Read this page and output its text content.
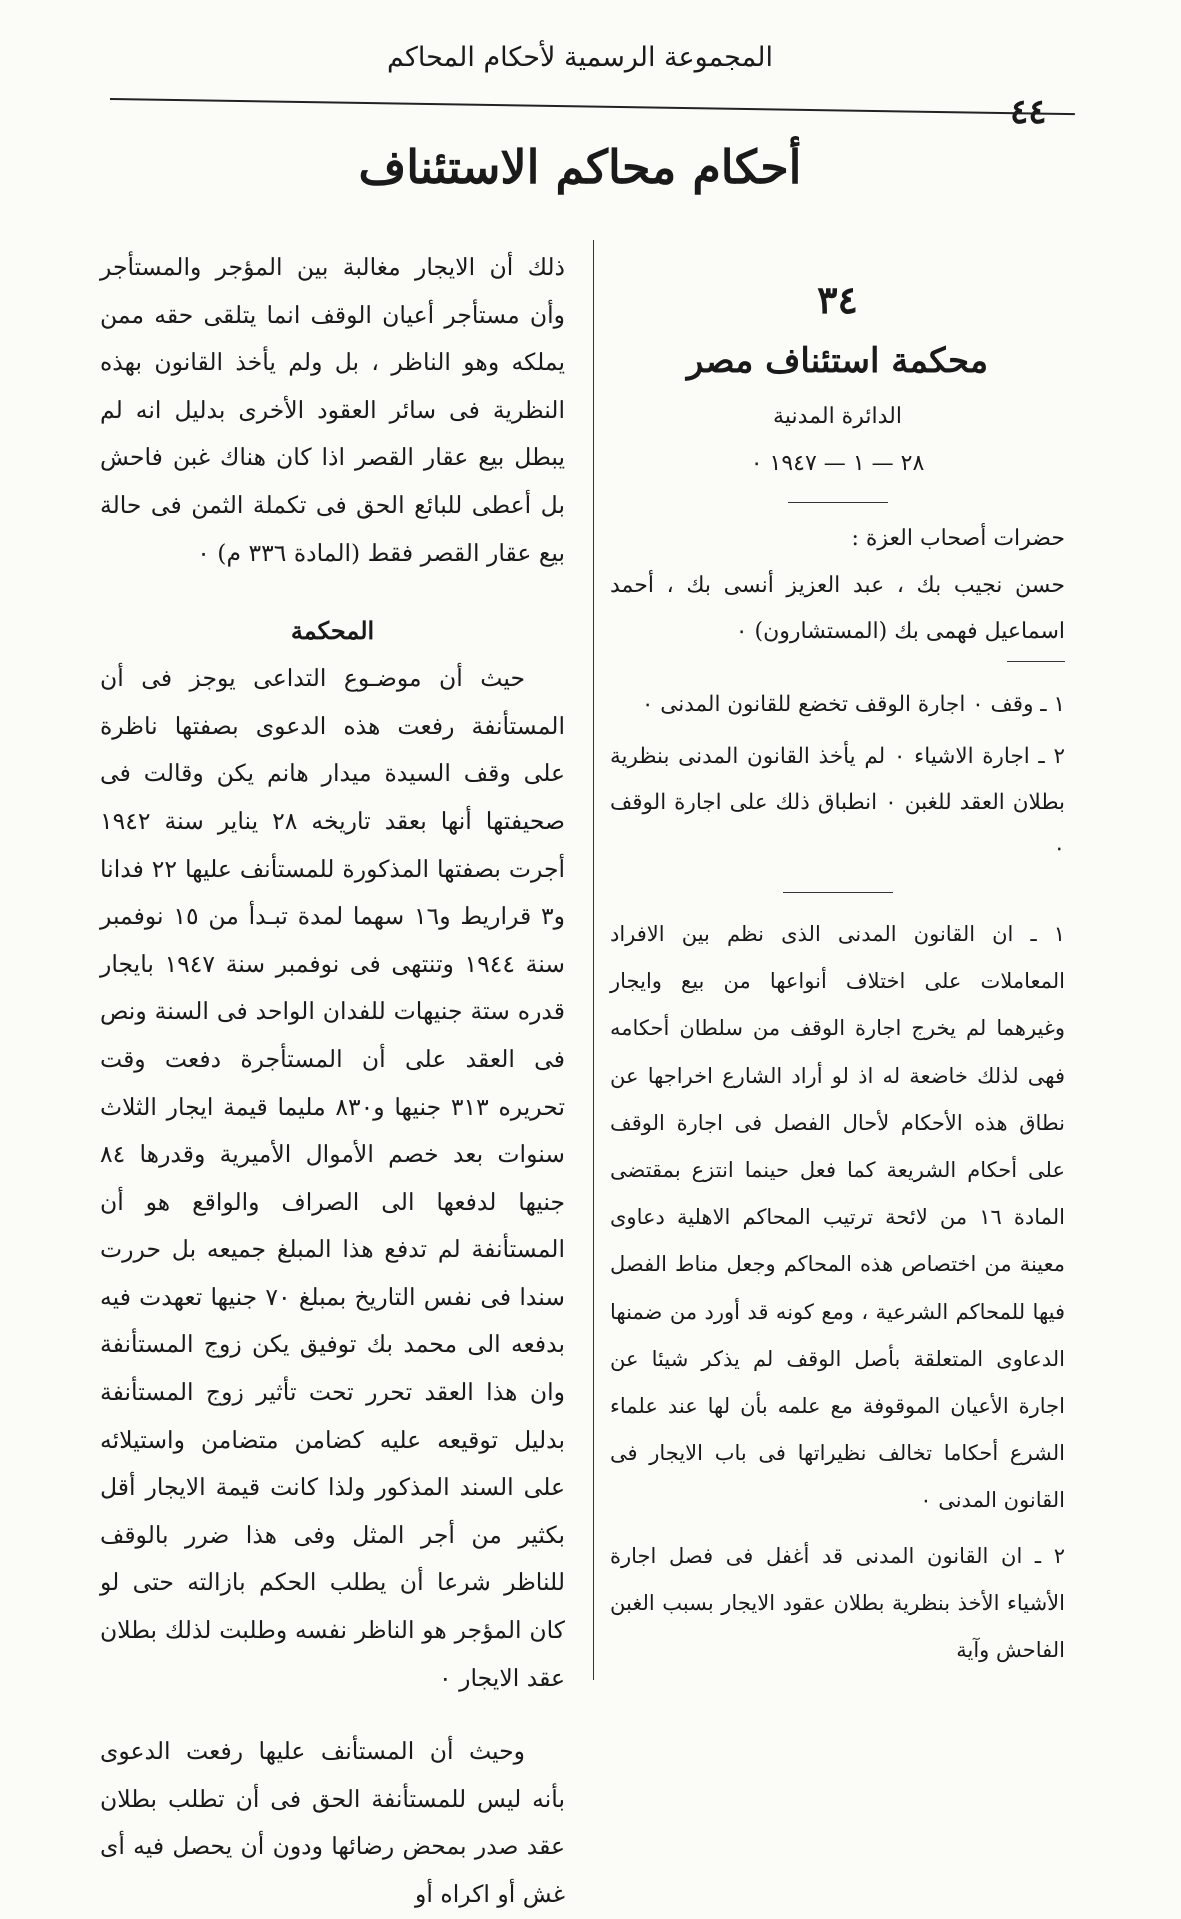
المجموعة الرسمية لأحكام المحاكم
٤٤
أحكام محاكم الاستئناف
٣٤
محكمة استئناف مصر
الدائرة المدنية
٢٨ — ١ — ١٩٤٧ ٠

حضرات أصحاب العزة :

حسن نجيب بك ، عبد العزيز أنسى بك ، أحمد اسماعيل فهمى بك (المستشارون) ٠

١ ـ وقف ٠ اجارة الوقف تخضع للقانون المدنى ٠

٢ ـ اجارة الاشياء ٠ لم يأخذ القانون المدنى بنظرية بطلان العقد للغبن ٠ انطباق ذلك على اجارة الوقف ٠

١ ـ ان القانون المدنى الذى نظم بين الافراد المعاملات على اختلاف أنواعها من بيع وايجار وغيرهما لم يخرج اجارة الوقف من سلطان أحكامه فهى لذلك خاضعة له اذ لو أراد الشارع اخراجها عن نطاق هذه الأحكام لأحال الفصل فى اجارة الوقف على أحكام الشريعة كما فعل حينما انتزع بمقتضى المادة ١٦ من لائحة ترتيب المحاكم الاهلية دعاوى معينة من اختصاص هذه المحاكم وجعل مناط الفصل فيها للمحاكم الشرعية ، ومع كونه قد أورد من ضمنها الدعاوى المتعلقة بأصل الوقف لم يذكر شيئا عن اجارة الأعيان الموقوفة مع علمه بأن لها عند علماء الشرع أحكاما تخالف نظيراتها فى باب الايجار فى القانون المدنى ٠

٢ ـ ان القانون المدنى قد أغفل فى فصل اجارة الأشياء الأخذ بنظرية بطلان عقود الايجار بسبب الغبن الفاحش وآية

ذلك أن الايجار مغالبة بين المؤجر والمستأجر وأن مستأجر أعيان الوقف انما يتلقى حقه ممن يملكه وهو الناظر ، بل ولم يأخذ القانون بهذه النظرية فى سائر العقود الأخرى بدليل انه لم يبطل بيع عقار القصر اذا كان هناك غبن فاحش بل أعطى للبائع الحق فى تكملة الثمن فى حالة بيع عقار القصر فقط (المادة ٣٣٦ م) ٠

المحكمة

حيث أن موضـوع التداعى يوجز فى أن المستأنفة رفعت هذه الدعوى بصفتها ناظرة على وقف السيدة ميدار هانم يكن وقالت فى صحيفتها أنها بعقد تاريخه ٢٨ يناير سنة ١٩٤٢ أجرت بصفتها المذكورة للمستأنف عليها ٢٢ فدانا و٣ قراريط و١٦ سهما لمدة تبـدأ من ١٥ نوفمبر سنة ١٩٤٤ وتنتهى فى نوفمبر سنة ١٩٤٧ بايجار قدره ستة جنيهات للفدان الواحد فى السنة ونص فى العقد على أن المستأجرة دفعت وقت تحريره ٣١٣ جنيها و٨٣٠ مليما قيمة ايجار الثلاث سنوات بعد خصم الأموال الأميرية وقدرها ٨٤ جنيها لدفعها الى الصراف والواقع هو أن المستأنفة لم تدفع هذا المبلغ جميعه بل حررت سندا فى نفس التاريخ بمبلغ ٧٠ جنيها تعهدت فيه بدفعه الى محمد بك توفيق يكن زوج المستأنفة وان هذا العقد تحرر تحت تأثير زوج المستأنفة بدليل توقيعه عليه كضامن متضامن واستيلائه على السند المذكور ولذا كانت قيمة الايجار أقل بكثير من أجر المثل وفى هذا ضرر بالوقف للناظر شرعا أن يطلب الحكم بازالته حتى لو كان المؤجر هو الناظر نفسه وطلبت لذلك بطلان عقد الايجار ٠

وحيث أن المستأنف عليها رفعت الدعوى بأنه ليس للمستأنفة الحق فى أن تطلب بطلان عقد صدر بمحض رضائها ودون أن يحصل فيه أى غش أو اكراه أو
